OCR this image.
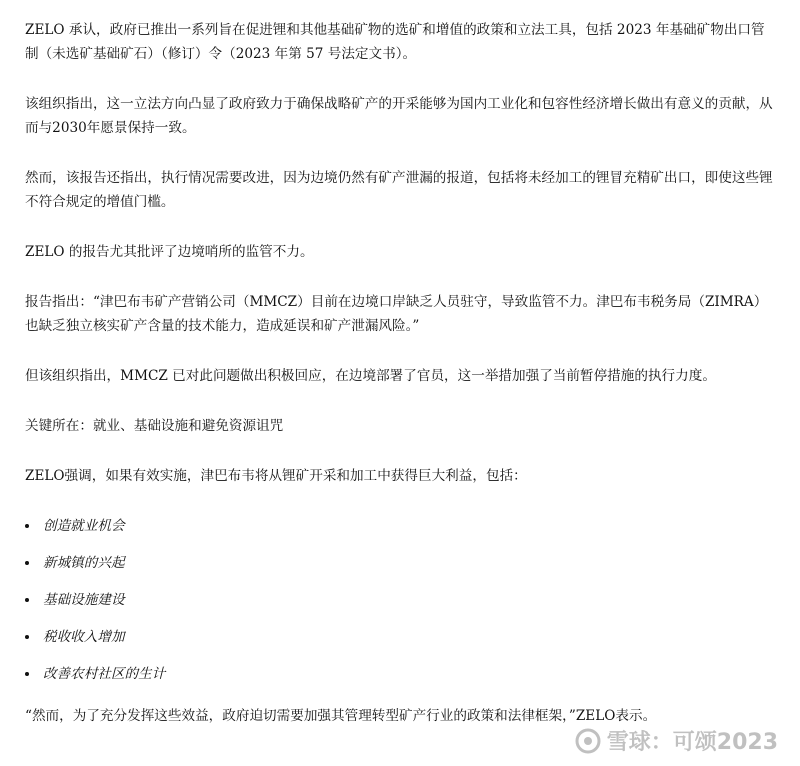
ZELO 承认，政府已推出一系列旨在促进锂和其他基础矿物的选矿和增值的政策和立法工具，包括 2023 年基础矿物出口管制（未选矿基础矿石）（修订）令（2023 年第 57 号法定文书）。

该组织指出，这一立法方向凸显了政府致力于确保战略矿产的开采能够为国内工业化和包容性经济增长做出有意义的贡献，从而与2030年愿景保持一致。

然而，该报告还指出，执行情况需要改进，因为边境仍然有矿产泄漏的报道，包括将未经加工的锂冒充精矿出口，即使这些锂不符合规定的增值门槛。

ZELO 的报告尤其批评了边境哨所的监管不力。

报告指出：“津巴布韦矿产营销公司（MMCZ）目前在边境口岸缺乏人员驻守，导致监管不力。津巴布韦税务局（ZIMRA）也缺乏独立核实矿产含量的技术能力，造成延误和矿产泄漏风险。”

但该组织指出，MMCZ 已对此问题做出积极回应，在边境部署了官员，这一举措加强了当前暂停措施的执行力度。

关键所在：就业、基础设施和避免资源诅咒

ZELO强调，如果有效实施，津巴布韦将从锂矿开采和加工中获得巨大利益，包括：

创造就业机会
新城镇的兴起
基础设施建设
税收收入增加
改善农村社区的生计

“然而，为了充分发挥这些效益，政府迫切需要加强其管理转型矿产行业的政策和法律框架，”ZELO表示。

雪球：可颂2023
